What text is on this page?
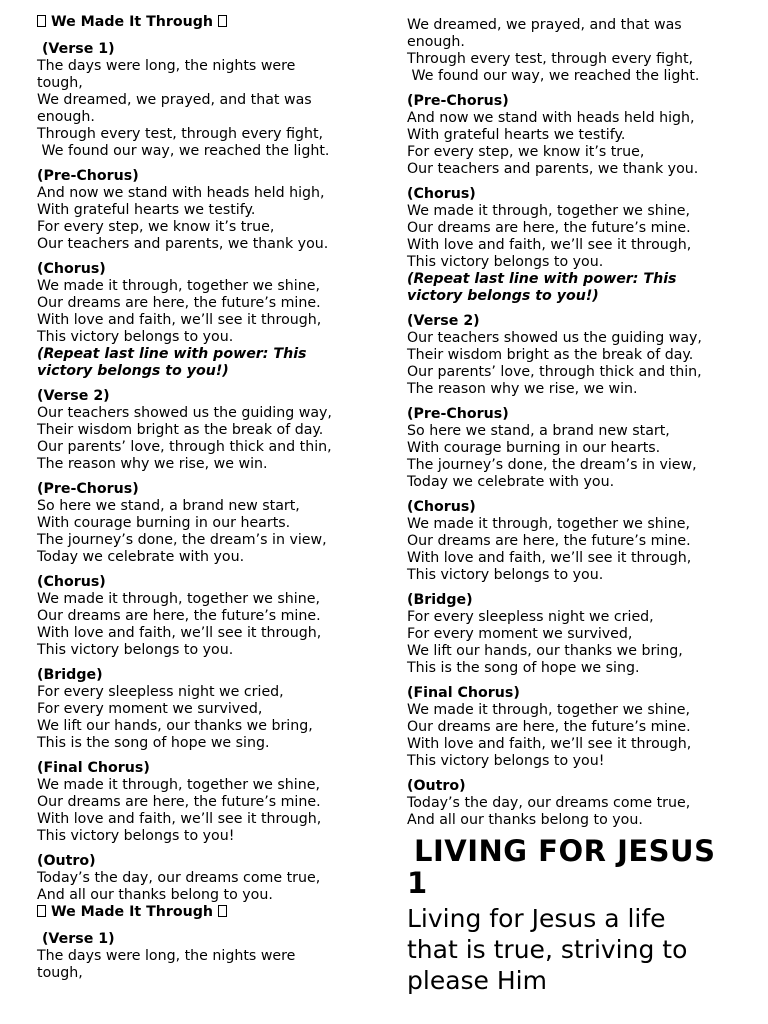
We Made It Through
(Verse 1)
The days were long, the nights were
tough,
We dreamed, we prayed, and that was
enough.
Through every test, through every fight,
We found our way, we reached the light.
(Pre-Chorus)
And now we stand with heads held high,
With grateful hearts we testify.
For every step, we know it’s true,
Our teachers and parents, we thank you.
(Chorus)
We made it through, together we shine,
Our dreams are here, the future’s mine.
With love and faith, we’ll see it through,
This victory belongs to you.
(Repeat last line with power: This
victory belongs to you!)
(Verse 2)
Our teachers showed us the guiding way,
Their wisdom bright as the break of day.
Our parents’ love, through thick and thin,
The reason why we rise, we win.
(Pre-Chorus)
So here we stand, a brand new start,
With courage burning in our hearts.
The journey’s done, the dream’s in view,
Today we celebrate with you.
(Chorus)
We made it through, together we shine,
Our dreams are here, the future’s mine.
With love and faith, we’ll see it through,
This victory belongs to you.
(Bridge)
For every sleepless night we cried,
For every moment we survived,
We lift our hands, our thanks we bring,
This is the song of hope we sing.
(Final Chorus)
We made it through, together we shine,
Our dreams are here, the future’s mine.
With love and faith, we’ll see it through,
This victory belongs to you!
(Outro)
Today’s the day, our dreams come true,
And all our thanks belong to you.
We Made It Through
(Verse 1)
The days were long, the nights were
tough,
We dreamed, we prayed, and that was
enough.
Through every test, through every fight,
We found our way, we reached the light.
(Pre-Chorus)
And now we stand with heads held high,
With grateful hearts we testify.
For every step, we know it’s true,
Our teachers and parents, we thank you.
(Chorus)
We made it through, together we shine,
Our dreams are here, the future’s mine.
With love and faith, we’ll see it through,
This victory belongs to you.
(Repeat last line with power: This
victory belongs to you!)
(Verse 2)
Our teachers showed us the guiding way,
Their wisdom bright as the break of day.
Our parents’ love, through thick and thin,
The reason why we rise, we win.
(Pre-Chorus)
So here we stand, a brand new start,
With courage burning in our hearts.
The journey’s done, the dream’s in view,
Today we celebrate with you.
(Chorus)
We made it through, together we shine,
Our dreams are here, the future’s mine.
With love and faith, we’ll see it through,
This victory belongs to you.
(Bridge)
For every sleepless night we cried,
For every moment we survived,
We lift our hands, our thanks we bring,
This is the song of hope we sing.
(Final Chorus)
We made it through, together we shine,
Our dreams are here, the future’s mine.
With love and faith, we’ll see it through,
This victory belongs to you!
(Outro)
Today’s the day, our dreams come true,
And all our thanks belong to you.
LIVING FOR JESUS
1
Living for Jesus a life
that is true, striving to
please Him
